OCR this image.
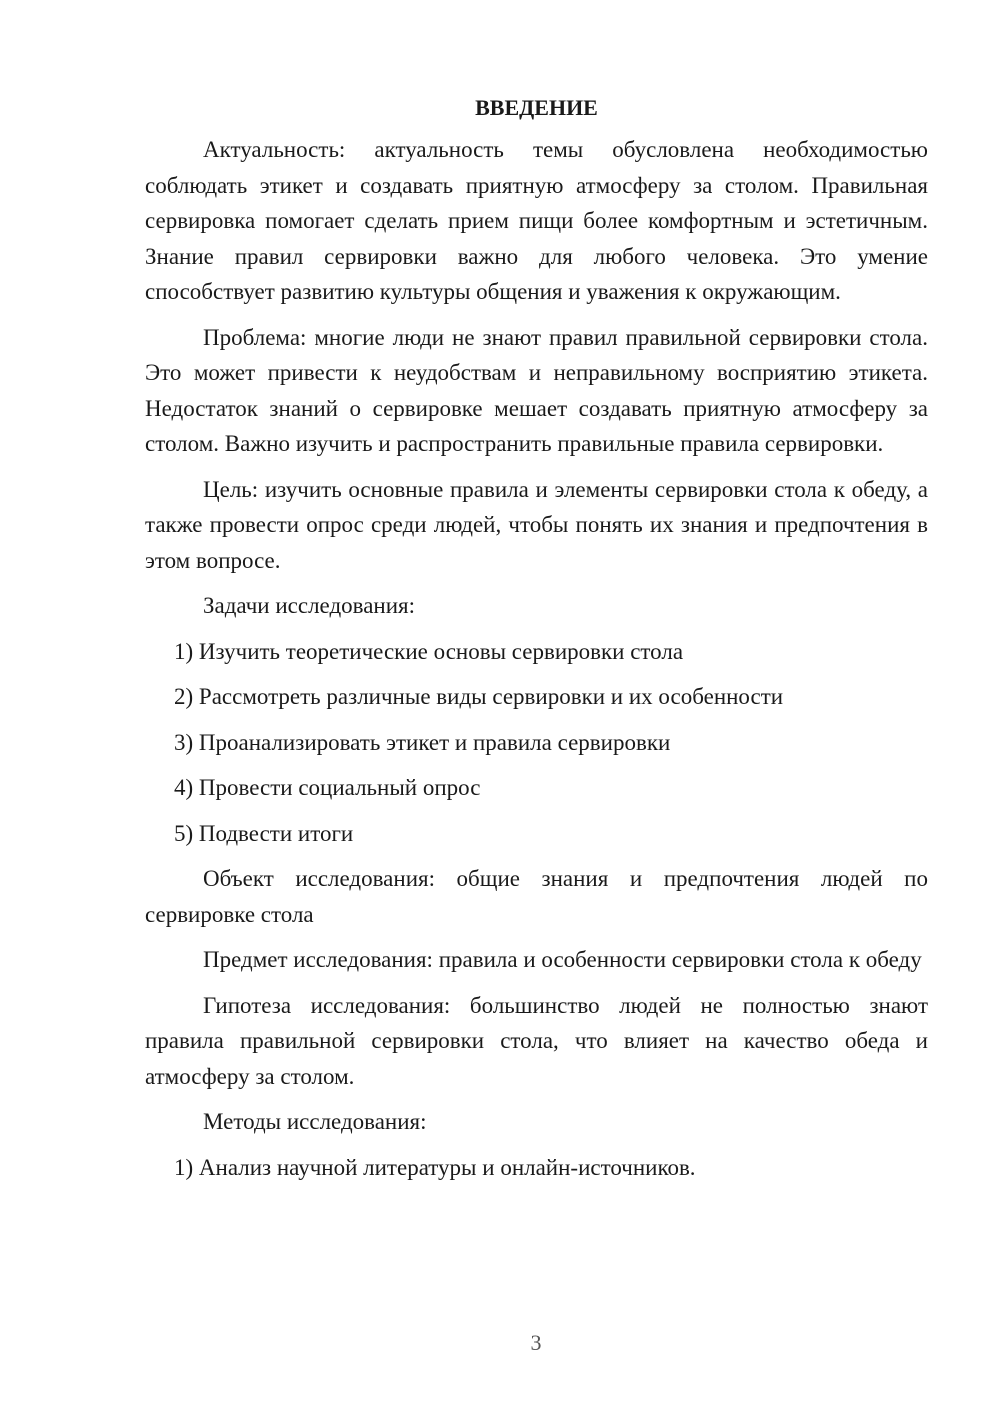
ВВЕДЕНИЕ

Актуальность: актуальность темы обусловлена необходимостью соблюдать этикет и создавать приятную атмосферу за столом. Правильная сервировка помогает сделать прием пищи более комфортным и эстетичным. Знание правил сервировки важно для любого человека. Это умение способствует развитию культуры общения и уважения к окружающим.

Проблема: многие люди не знают правил правильной сервировки стола. Это может привести к неудобствам и неправильному восприятию этикета. Недостаток знаний о сервировке мешает создавать приятную атмосферу за столом. Важно изучить и распространить правильные правила сервировки.

Цель: изучить основные правила и элементы сервировки стола к обеду, а также провести опрос среди людей, чтобы понять их знания и предпочтения в этом вопросе.

Задачи исследования:
1) Изучить теоретические основы сервировки стола
2) Рассмотреть различные виды сервировки и их особенности
3) Проанализировать этикет и правила сервировки
4) Провести социальный опрос
5) Подвести итоги

Объект исследования: общие знания и предпочтения людей по сервировке стола

Предмет исследования: правила и особенности сервировки стола к обеду

Гипотеза исследования: большинство людей не полностью знают правила правильной сервировки стола, что влияет на качество обеда и атмосферу за столом.

Методы исследования:
1) Анализ научной литературы и онлайн-источников.
3
